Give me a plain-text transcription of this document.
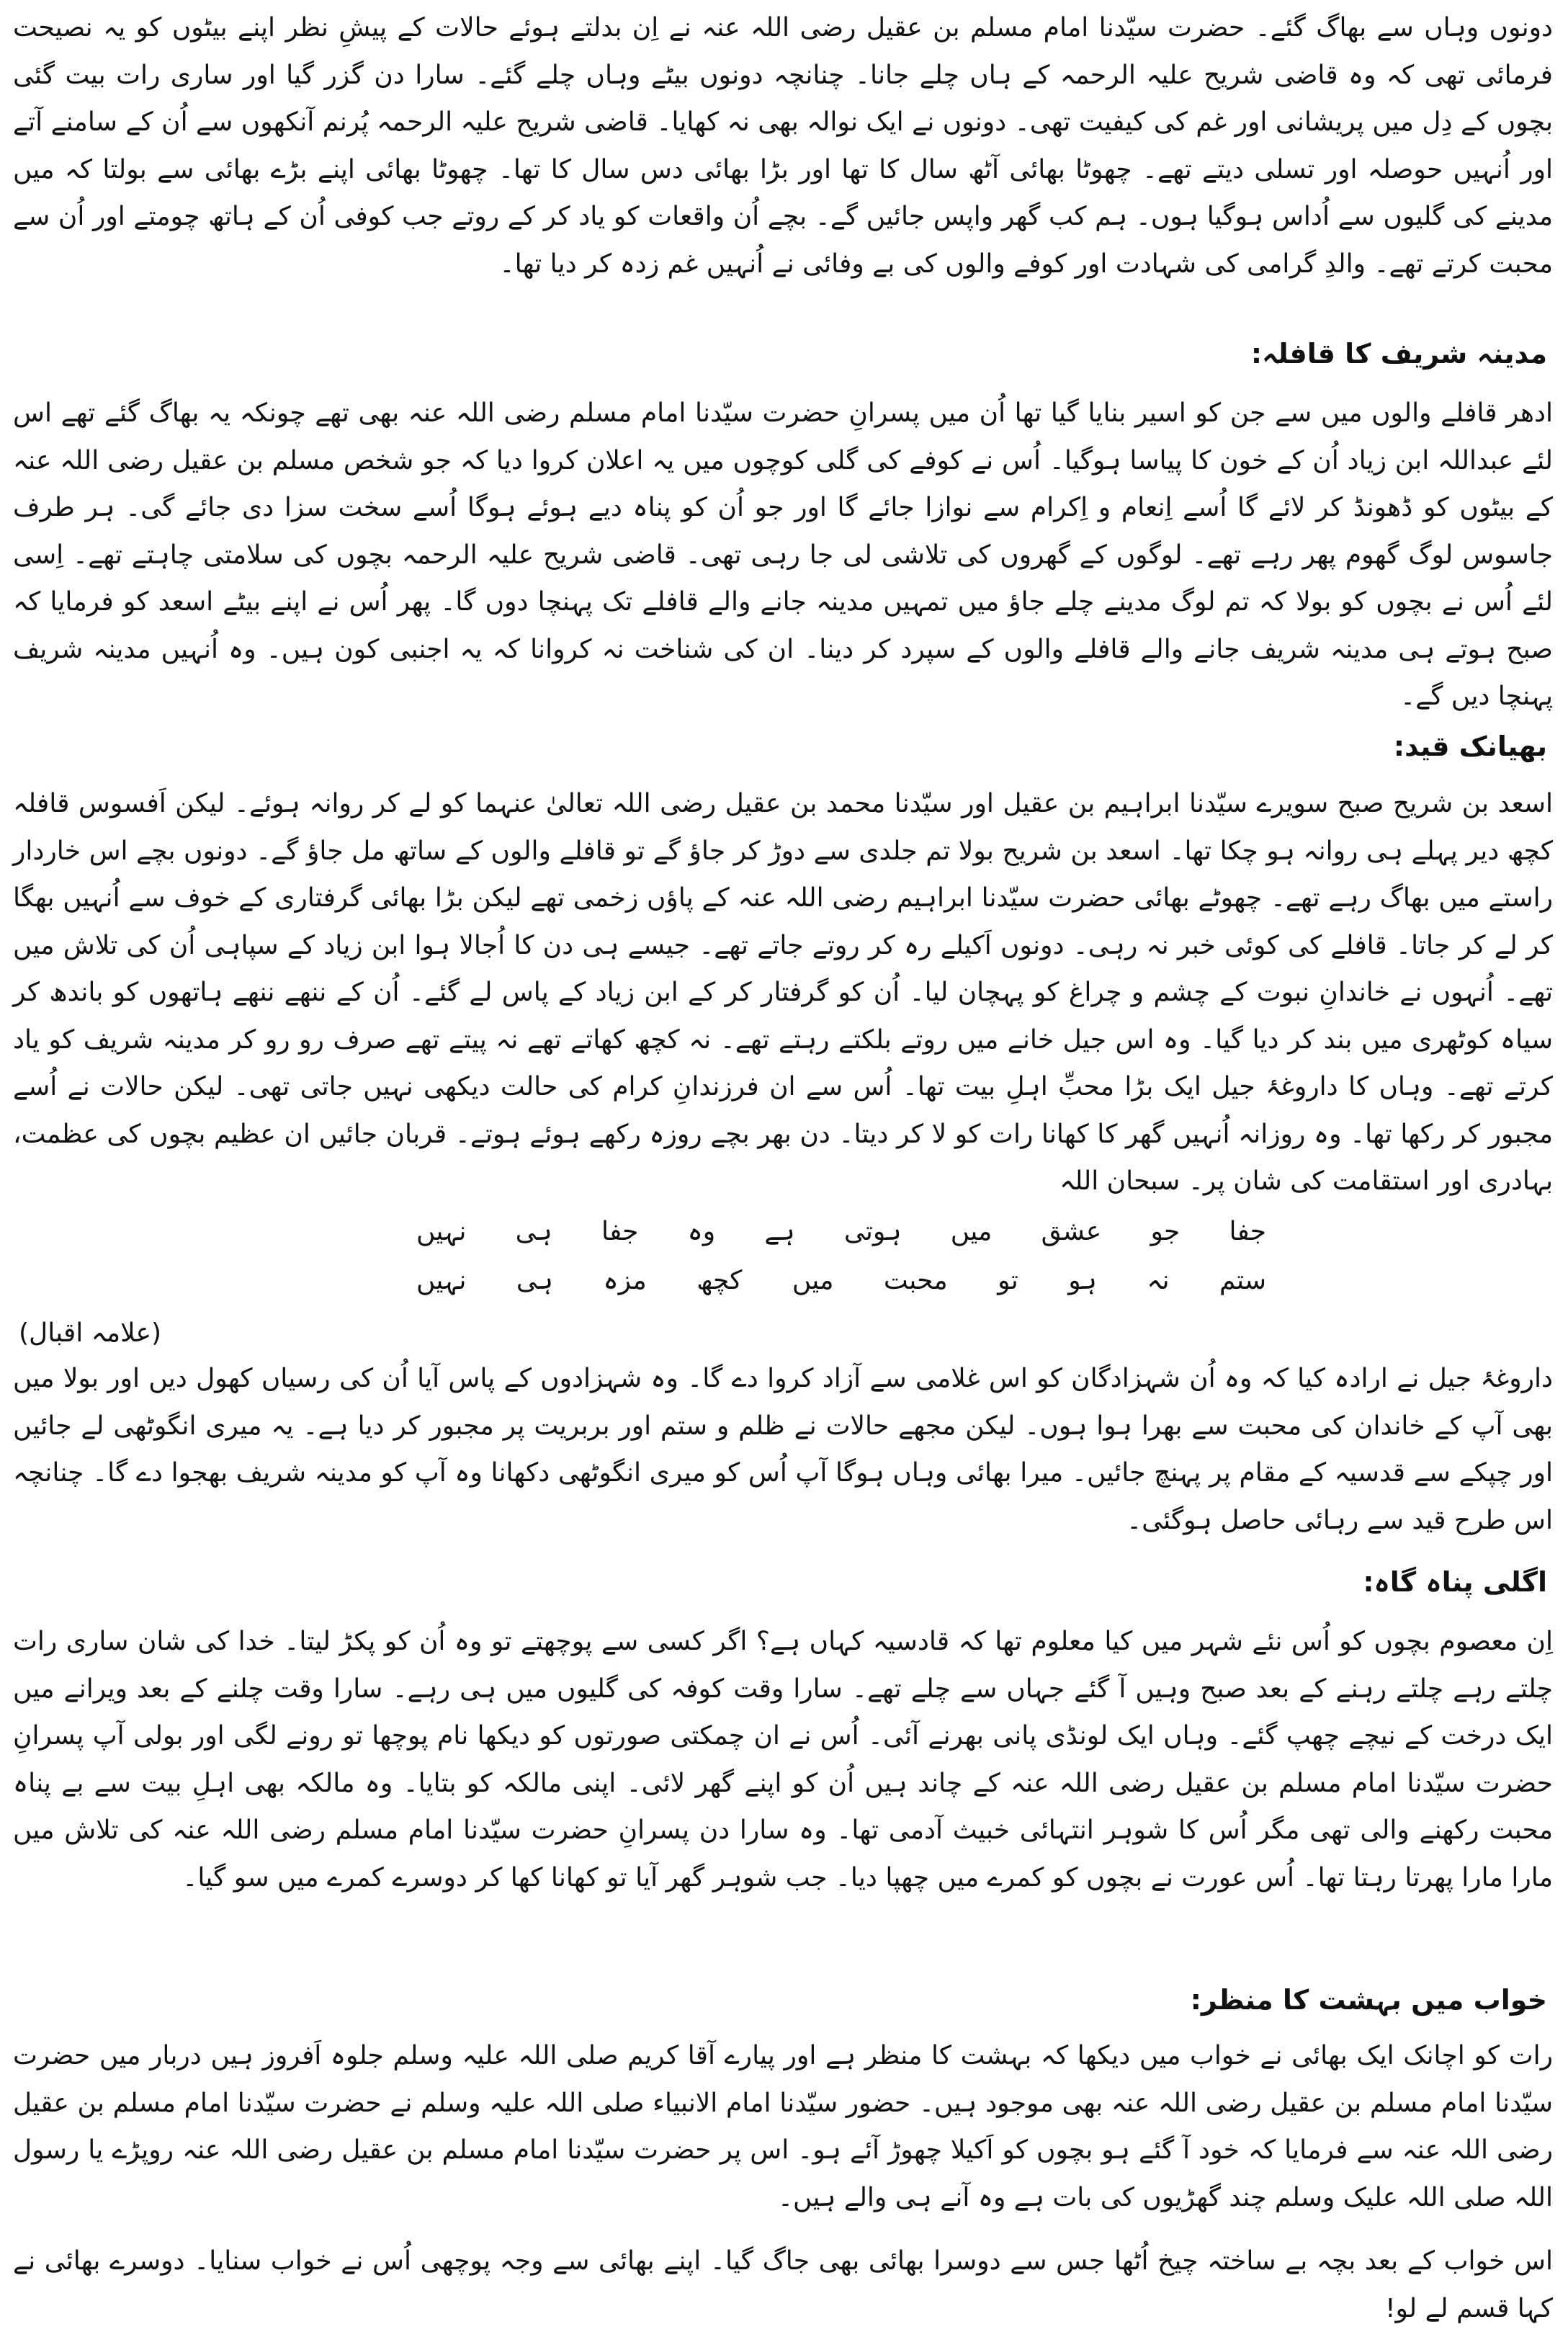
دونوں وہاں سے بھاگ گئے۔ حضرت سیّدنا امام مسلم بن عقیل رضی اللہ عنہ نے اِن بدلتے ہوئے حالات کے پیشِ نظر اپنے بیٹوں کو یہ نصیحت فرمائی تھی کہ وہ قاضی شریح علیہ الرحمہ کے ہاں چلے جانا۔ چنانچہ دونوں بیٹے وہاں چلے گئے۔ سارا دن گزر گیا اور ساری رات بیت گئی بچوں کے دِل میں پریشانی اور غم کی کیفیت تھی۔ دونوں نے ایک نوالہ بھی نہ کھایا۔ قاضی شریح علیہ الرحمہ پُرنم آنکھوں سے اُن کے سامنے آتے اور اُنہیں حوصلہ اور تسلی دیتے تھے۔ چھوٹا بھائی آٹھ سال کا تھا اور بڑا بھائی دس سال کا تھا۔ چھوٹا بھائی اپنے بڑے بھائی سے بولتا کہ میں مدینے کی گلیوں سے اُداس ہوگیا ہوں۔ ہم کب گھر واپس جائیں گے۔ بچے اُن واقعات کو یاد کر کے روتے جب کوفی اُن کے ہاتھ چومتے اور اُن سے محبت کرتے تھے۔ والدِ گرامی کی شہادت اور کوفے والوں کی بے وفائی نے اُنہیں غم زدہ کر دیا تھا۔

مدینہ شریف کا قافلہ:

ادھر قافلے والوں میں سے جن کو اسیر بنایا گیا تھا اُن میں پسرانِ حضرت سیّدنا امام مسلم رضی اللہ عنہ بھی تھے چونکہ یہ بھاگ گئے تھے اس لئے عبداللہ ابن زیاد اُن کے خون کا پیاسا ہوگیا۔ اُس نے کوفے کی گلی کوچوں میں یہ اعلان کروا دیا کہ جو شخص مسلم بن عقیل رضی اللہ عنہ کے بیٹوں کو ڈھونڈ کر لائے گا اُسے اِنعام و اِکرام سے نوازا جائے گا اور جو اُن کو پناہ دیے ہوئے ہوگا اُسے سخت سزا دی جائے گی۔ ہر طرف جاسوس لوگ گھوم پھر رہے تھے۔ لوگوں کے گھروں کی تلاشی لی جا رہی تھی۔ قاضی شریح علیہ الرحمہ بچوں کی سلامتی چاہتے تھے۔ اِسی لئے اُس نے بچوں کو بولا کہ تم لوگ مدینے چلے جاؤ میں تمہیں مدینہ جانے والے قافلے تک پہنچا دوں گا۔ پھر اُس نے اپنے بیٹے اسعد کو فرمایا کہ صبح ہوتے ہی مدینہ شریف جانے والے قافلے والوں کے سپرد کر دینا۔ ان کی شناخت نہ کروانا کہ یہ اجنبی کون ہیں۔ وہ اُنہیں مدینہ شریف پہنچا دیں گے۔

بھیانک قید:

اسعد بن شریح صبح سویرے سیّدنا ابراہیم بن عقیل اور سیّدنا محمد بن عقیل رضی اللہ تعالیٰ عنہما کو لے کر روانہ ہوئے۔ لیکن اَفسوس قافلہ کچھ دیر پہلے ہی روانہ ہو چکا تھا۔ اسعد بن شریح بولا تم جلدی سے دوڑ کر جاؤ گے تو قافلے والوں کے ساتھ مل جاؤ گے۔ دونوں بچے اس خاردار راستے میں بھاگ رہے تھے۔ چھوٹے بھائی حضرت سیّدنا ابراہیم رضی اللہ عنہ کے پاؤں زخمی تھے لیکن بڑا بھائی گرفتاری کے خوف سے اُنہیں بھگا کر لے کر جاتا۔ قافلے کی کوئی خبر نہ رہی۔ دونوں اَکیلے رہ کر روتے جاتے تھے۔ جیسے ہی دن کا اُجالا ہوا ابن زیاد کے سپاہی اُن کی تلاش میں تھے۔ اُنہوں نے خاندانِ نبوت کے چشم و چراغ کو پہچان لیا۔ اُن کو گرفتار کر کے ابن زیاد کے پاس لے گئے۔ اُن کے ننھے ننھے ہاتھوں کو باندھ کر سیاہ کوٹھری میں بند کر دیا گیا۔ وہ اس جیل خانے میں روتے بلکتے رہتے تھے۔ نہ کچھ کھاتے تھے نہ پیتے تھے صرف رو رو کر مدینہ شریف کو یاد کرتے تھے۔ وہاں کا داروغۂ جیل ایک بڑا محبِّ اہلِ بیت تھا۔ اُس سے ان فرزندانِ کرام کی حالت دیکھی نہیں جاتی تھی۔ لیکن حالات نے اُسے مجبور کر رکھا تھا۔ وہ روزانہ اُنہیں گھر کا کھانا رات کو لا کر دیتا۔ دن بھر بچے روزہ رکھے ہوئے ہوتے۔ قربان جائیں ان عظیم بچوں کی عظمت، بہادری اور استقامت کی شان پر۔ سبحان اللہ

جفا جو عشق میں ہوتی ہے وہ جفا ہی نہیں
ستم نہ ہو تو محبت میں کچھ مزہ ہی نہیں
(علامہ اقبال)

داروغۂ جیل نے ارادہ کیا کہ وہ اُن شہزادگان کو اس غلامی سے آزاد کروا دے گا۔ وہ شہزادوں کے پاس آیا اُن کی رسیاں کھول دیں اور بولا میں بھی آپ کے خاندان کی محبت سے بھرا ہوا ہوں۔ لیکن مجھے حالات نے ظلم و ستم اور بربریت پر مجبور کر دیا ہے۔ یہ میری انگوٹھی لے جائیں اور چپکے سے قدسیہ کے مقام پر پہنچ جائیں۔ میرا بھائی وہاں ہوگا آپ اُس کو میری انگوٹھی دکھانا وہ آپ کو مدینہ شریف بھجوا دے گا۔ چنانچہ اس طرح قید سے رہائی حاصل ہوگئی۔

اگلی پناہ گاہ:

اِن معصوم بچوں کو اُس نئے شہر میں کیا معلوم تھا کہ قادسیہ کہاں ہے؟ اگر کسی سے پوچھتے تو وہ اُن کو پکڑ لیتا۔ خدا کی شان ساری رات چلتے رہے چلتے رہنے کے بعد صبح وہیں آ گئے جہاں سے چلے تھے۔ سارا وقت کوفہ کی گلیوں میں ہی رہے۔ سارا وقت چلنے کے بعد ویرانے میں ایک درخت کے نیچے چھپ گئے۔ وہاں ایک لونڈی پانی بھرنے آئی۔ اُس نے ان چمکتی صورتوں کو دیکھا نام پوچھا تو رونے لگی اور بولی آپ پسرانِ حضرت سیّدنا امام مسلم بن عقیل رضی اللہ عنہ کے چاند ہیں اُن کو اپنے گھر لائی۔ اپنی مالکہ کو بتایا۔ وہ مالکہ بھی اہلِ بیت سے بے پناہ محبت رکھنے والی تھی مگر اُس کا شوہر انتہائی خبیث آدمی تھا۔ وہ سارا دن پسرانِ حضرت سیّدنا امام مسلم رضی اللہ عنہ کی تلاش میں مارا مارا پھرتا رہتا تھا۔ اُس عورت نے بچوں کو کمرے میں چھپا دیا۔ جب شوہر گھر آیا تو کھانا کھا کر دوسرے کمرے میں سو گیا۔

خواب میں بہشت کا منظر:

رات کو اچانک ایک بھائی نے خواب میں دیکھا کہ بہشت کا منظر ہے اور پیارے آقا کریم صلی اللہ علیہ وسلم جلوہ اَفروز ہیں دربار میں حضرت سیّدنا امام مسلم بن عقیل رضی اللہ عنہ بھی موجود ہیں۔ حضور سیّدنا امام الانبیاء صلی اللہ علیہ وسلم نے حضرت سیّدنا امام مسلم بن عقیل رضی اللہ عنہ سے فرمایا کہ خود آ گئے ہو بچوں کو اَکیلا چھوڑ آئے ہو۔ اس پر حضرت سیّدنا امام مسلم بن عقیل رضی اللہ عنہ روپڑے یا رسول اللہ صلی اللہ علیک وسلم چند گھڑیوں کی بات ہے وہ آنے ہی والے ہیں۔

اس خواب کے بعد بچہ بے ساختہ چیخ اُٹھا جس سے دوسرا بھائی بھی جاگ گیا۔ اپنے بھائی سے وجہ پوچھی اُس نے خواب سنایا۔ دوسرے بھائی نے کہا قسم لے لو!
